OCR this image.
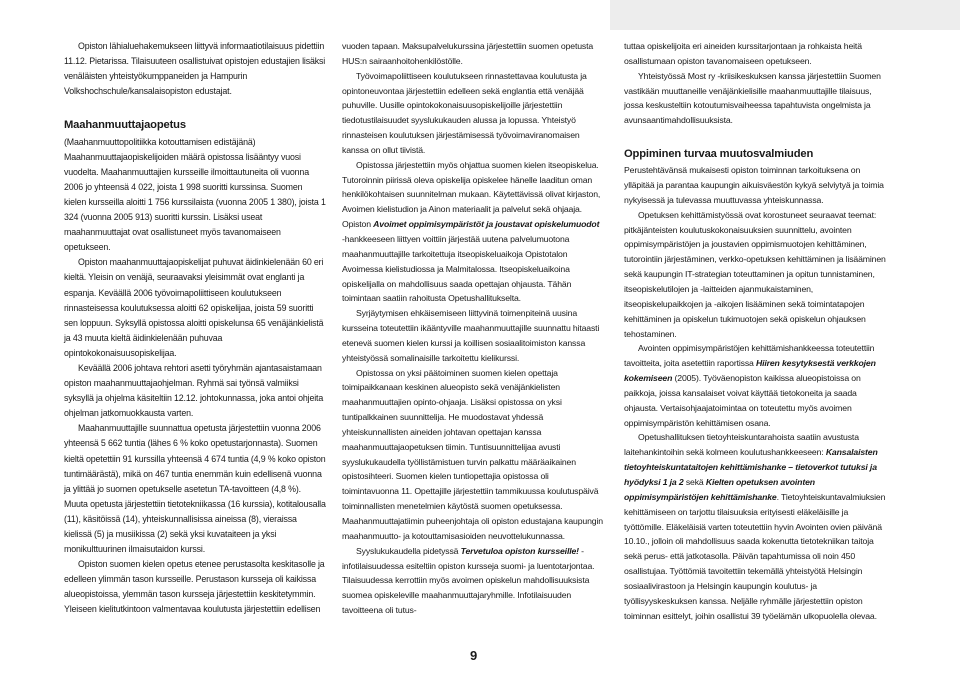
Opiston lähialuehakemukseen liittyvä informaatiotilaisuus pidettiin 11.12. Pietarissa. Tilaisuuteen osallistuivat opistojen edustajien lisäksi venäläisten yhteistyökumppaneiden ja Hampurin Volkshochschule/kansalaisopiston edustajat.

Maahanmuuttajaopetus

(Maahanmuuttopolitiikka kotouttamisen edistäjänä) Maahanmuuttajaopiskelijoiden määrä opistossa lisääntyy vuosi vuodelta. Maahanmuuttajien kursseille ilmoittautuneita oli vuonna 2006 jo yhteensä 4 022, joista 1 998 suoritti kurssinsa. Suomen kielen kursseilla aloitti 1 756 kurssilaista (vuonna 2005 1 380), joista 1 324 (vuonna 2005 913) suoritti kurssin. Lisäksi useat maahanmuuttajat ovat osallistuneet myös tavanomaiseen opetukseen.

Opiston maahanmuuttajaopiskelijat puhuvat äidinkielenään 60 eri kieltä. Yleisin on venäjä, seuraavaksi yleisimmät ovat englanti ja espanja. Keväällä 2006 työvoimapoliittiseen koulutukseen rinnasteisessa koulutuksessa aloitti 62 opiskelijaa, joista 59 suoritti sen loppuun. Syksyllä opistossa aloitti opiskelunsa 65 venäjänkielistä ja 43 muuta kieltä äidinkielenään puhuvaa opintokokonaisuusopiskelijaa.

Keväällä 2006 johtava rehtori asetti työryhmän ajantasaistamaan opiston maahanmuuttajaohjelman. Ryhmä sai työnsä valmiiksi syksyllä ja ohjelma käsiteltiin 12.12. johtokunnassa, joka antoi ohjeita ohjelman jatkomuokkausta varten.

Maahanmuuttajille suunnattua opetusta järjestettiin vuonna 2006 yhteensä 5 662 tuntia (lähes 6 % koko opetustarjonnasta). Suomen kieltä opetettiin 91 kurssilla yhteensä 4 674 tuntia (4,9 % koko opiston tuntimäärästä), mikä on 467 tuntia enemmän kuin edellisenä vuonna ja ylittää jo suomen opetukselle asetetun TA-tavoitteen (4,8 %). Muuta opetusta järjestettiin tietotekniikassa (16 kurssia), kotitalousalla (11), käsitöissä (14), yhteiskunnallisissa aineissa (8), vieraissa kielissä (5) ja musiikissa (2) sekä yksi kuvataiteen ja yksi monikulttuurinen ilmaisutaidon kurssi.

Opiston suomen kielen opetus etenee perustasolta keskitasolle ja edelleen ylimmän tason kursseille. Perustason kursseja oli kaikissa alueopistoissa, ylemmän tason kursseja järjestettiin keskitetymmin. Yleiseen kielitutkintoon valmentavaa koulutusta järjestettiin edellisen

vuoden tapaan. Maksupalvelukurssina järjestettiin suomen opetusta HUS:n sairaanhoitohenkilöstölle.

Työvoimapoliittiseen koulutukseen rinnastettavaa koulutusta ja opintoneuvontaa järjestettiin edelleen sekä englantia että venäjää puhuville. Uusille opintokokonaisuusopiskelijoille järjestettiin tiedotustilaisuudet syyslukukauden alussa ja lopussa. Yhteistyö rinnasteisen koulutuksen järjestämisessä työvoimaviranomaisen kanssa on ollut tiivistä.

Opistossa järjestettiin myös ohjattua suomen kielen itseopiskelua. Tutoroinnin piirissä oleva opiskelija opiskelee hänelle laaditun oman henkilökohtaisen suunnitelman mukaan. Käytettävissä olivat kirjaston, Avoimen kielistudion ja Ainon materiaalit ja palvelut sekä ohjaaja. Opiston Avoimet oppimisympäristöt ja joustavat opiskelumuodot -hankkeeseen liittyen voittiin järjestää uutena palvelumuotona maahanmuuttajille tarkoitettuja itseopiskeluaikoja Opistotalon Avoimessa kielistudiossa ja Malmitalossa. Itseopiskeluaikoina opiskelijalla on mahdollisuus saada opettajan ohjausta. Tähän toimintaan saatiin rahoitusta Opetushallitukselta.

Syrjäytymisen ehkäisemiseen liittyvinä toimenpiteinä uusina kursseina toteutettiin ikääntyville maahanmuuttajille suunnattu hitaasti etenevä suomen kielen kurssi ja koillisen sosiaalitoimiston kanssa yhteistyössä somalinaisille tarkoitettu kielikurssi.

Opistossa on yksi päätoiminen suomen kielen opettaja toimipaikkanaan keskinen alueopisto sekä venäjänkielisten maahanmuuttajien opinto-ohjaaja. Lisäksi opistossa on yksi tuntipalkkainen suunnittelija. He muodostavat yhdessä yhteiskunnallisten aineiden johtavan opettajan kanssa maahanmuuttajaopetuksen tiimin. Tuntisuunnittelijaa avusti syyslukukaudella työllistämistuen turvin palkattu määräaikainen opistosihteeri. Suomen kielen tuntiopettajia opistossa oli toimintavuonna 11. Opettajille järjestettiin tammikuussa koulutuspäivä toiminnallisten menetelmien käytöstä suomen opetuksessa. Maahanmuuttajatiimin puheenjohtaja oli opiston edustajana kaupungin maahanmuutto- ja kotouttamisasioiden neuvottelukunnassa.

Syyslukukaudella pidetyssä Tervetuloa opiston kursseille! -infotilaisuudessa esiteltiin opiston kursseja suomi- ja luentotarjontaa. Tilaisuudessa kerrottiin myös avoimen opiskelun mahdollisuuksista suomea opiskeleville maahanmuuttajaryhmille. Infotilaisuuden tavoitteena oli tutus-

tuttaa opiskelijoita eri aineiden kurssitarjontaan ja rohkaista heitä osallistumaan opiston tavanomaiseen opetukseen.

Yhteistyössä Most ry -kriisikeskuksen kanssa järjestettiin Suomen vastikään muuttaneille venäjänkielisille maahanmuuttajille tilaisuus, jossa keskusteltiin kotoutumisvaiheessa tapahtuvista ongelmista ja avunsaantimahdollisuuksista.

Oppiminen turvaa muutosvalmiuden

Perustehtävänsä mukaisesti opiston toiminnan tarkoituksena on ylläpitää ja parantaa kaupungin aikuisväestön kykyä selviytyä ja toimia nykyisessä ja tulevassa muuttuvassa yhteiskunnassa.

Opetuksen kehittämistyössä ovat korostuneet seuraavat teemat: pitkäjänteisten koulutuskokonaisuuksien suunnittelu, avointen oppimisympäristöjen ja joustavien oppimismuotojen kehittäminen, tutorointiin järjestäminen, verkko-opetuksen kehittäminen ja lisääminen sekä kaupungin IT-strategian toteuttaminen ja opitun tunnistaminen, itseopiskelutilojen ja -laitteiden ajanmukaistaminen, itseopiskelupaikkojen ja -aikojen lisääminen sekä toimintatapojen kehittäminen ja opiskelun tukimuotojen sekä opiskelun ohjauksen tehostaminen.

Avointen oppimisympäristöjen kehittämishankkeessa toteutettiin tavoitteita, joita asetettiin raportissa Hiiren kesytyksestä verkkojen kokemiseen (2005). Työväenopiston kaikissa alueopistoissa on paikkoja, joissa kansalaiset voivat käyttää tietokoneita ja saada ohjausta. Vertaisohjaajatoimintaa on toteutettu myös avoimen oppimisympäristön kehittämisen osana.

Opetushallituksen tietoyhteiskuntarahoista saatiin avustusta laitehankintoihin sekä kolmeen koulutushankkeeseen: Kansalaisten tietoyhteiskuntataitojen kehittämishanke – tietoverkot tutuksi ja hyödyksi 1 ja 2 sekä Kielten opetuksen avointen oppimisympäristöjen kehittämishanke. Tietoyhteiskuntavalmiuksien kehittämiseen on tarjottu tilaisuuksia erityisesti eläkeläisille ja työttömille. Eläkeläisiä varten toteutettiin hyvin Avointen ovien päivänä 10.10., jolloin oli mahdollisuus saada kokenutta tietotekniikan taitoja sekä perus- että jatkotasolla. Päivän tapahtumissa oli noin 450 osallistujaa. Työttömiä tavoitettiin tekemällä yhteistyötä Helsingin sosiaalivirastoon ja Helsingin kaupungin koulutus- ja työllisyyskeskuksen kanssa. Neljälle ryhmälle järjestettiin opiston toiminnan esittelyt, joihin osallistui 39 työelämän ulkopuolella olevaa.

9
